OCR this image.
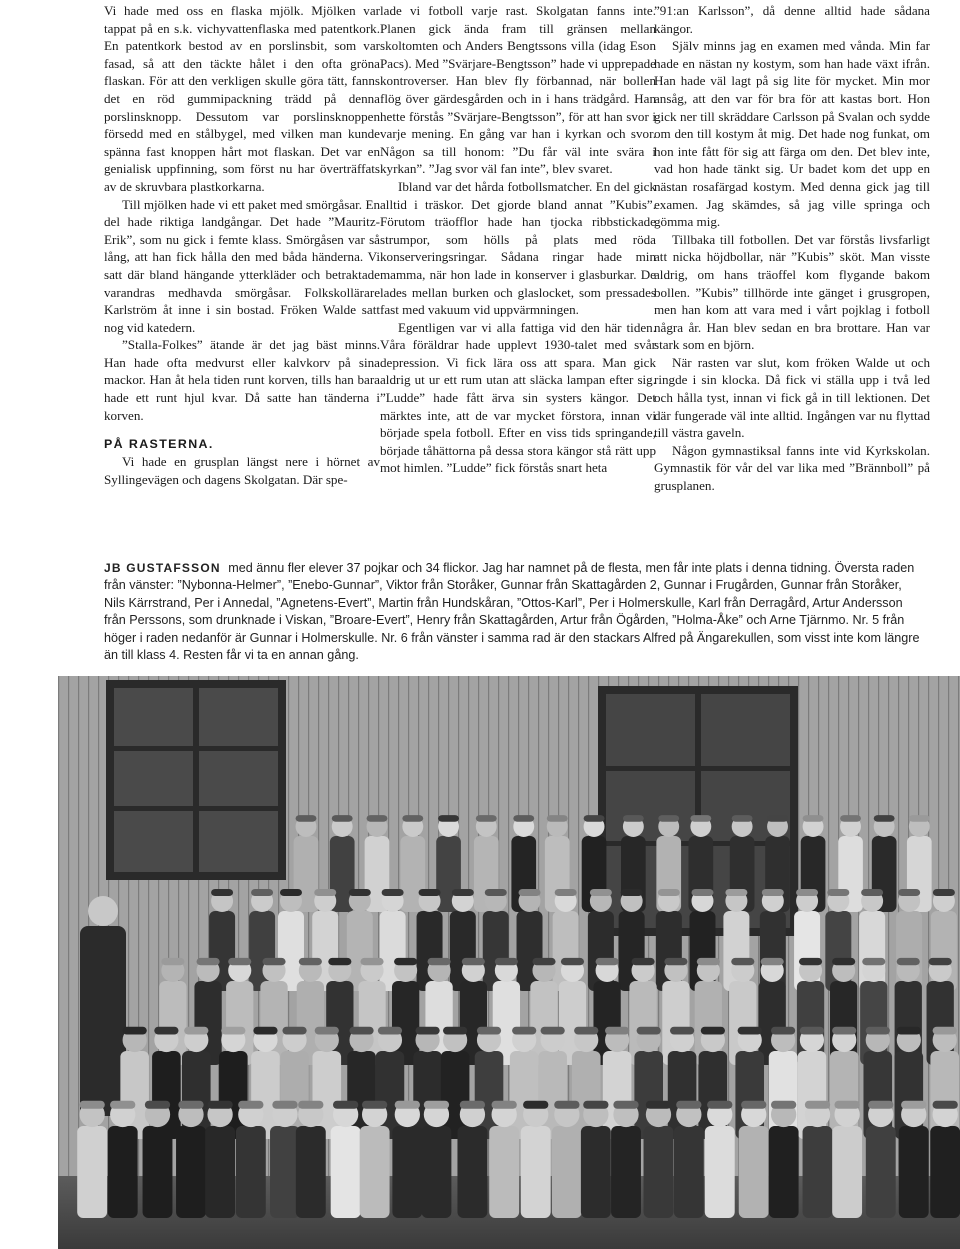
Vi hade med oss en flaska mjölk. Mjölken var tappat på en s.k. vichyvattenflaska med patentkork. En patentkork bestod av en porslinsbit, som var fasad, så att den täckte hålet i den ofta gröna flaskan. För att den verkligen skulle göra tätt, fanns det en röd gummipackning trädd på denna porslinsknopp. Dessutom var porslinsknoppen försedd med en stålbygel, med vilken man kunde spänna fast knoppen hårt mot flaskan. Det var en genialisk uppfinning, som först nu har överträffats av de skruvbara plastkorkarna.

Till mjölken hade vi ett paket med smörgåsar. En del hade riktiga landgångar. Det hade ”Mauritz-Erik”, som nu gick i femte klass. Smörgåsen var så lång, att han fick hålla den med båda händerna. Vi satt där bland hängande ytterkläder och betraktade varandras medhavda smörgåsar. Folkskollärare Karlström åt inne i sin bostad. Fröken Walde satt nog vid katedern.

”Stalla-Folkes” ätande är det jag bäst minns. Han hade ofta medvurst eller kalvkorv på sina mackor. Han åt hela tiden runt korven, tills han bara hade ett runt hjul kvar. Då satte han tänderna i korven.

PÅ RASTERNA.

Vi hade en grusplan längst nere i hörnet av Syllingevägen och dagens Skolgatan. Där spe-

lade vi fotboll varje rast. Skolgatan fanns inte. Planen gick ända fram till gränsen mellan skoltomten och Anders Bengtssons villa (idag Eson Pacs). Med ”Svärjare-Bengtsson” hade vi upprepade kontroverser. Han blev fly förbannad, när bollen flög över gärdesgården och in i hans trädgård. Han hette förstås ”Svärjare-Bengtsson”, för att han svor i varje mening. En gång var han i kyrkan och svor. Någon sa till honom: ”Du får väl inte svära i kyrkan”. ”Jag svor väl fan inte”, blev svaret.

Ibland var det hårda fotbollsmatcher. En del gick alltid i träskor. Det gjorde bland annat ”Kubis”. Förutom träofflor hade han tjocka ribbstickade strumpor, som hölls på plats med röda konserveringsringar. Sådana ringar hade min mamma, när hon lade in konserver i glasburkar. De lades mellan burken och glaslocket, som pressades fast med vakuum vid uppvärmningen.

Egentligen var vi alla fattiga vid den här tiden. Våra föräldrar hade upplevt 1930-talet med svår depression. Vi fick lära oss att spara. Man gick aldrig ut ur ett rum utan att släcka lampan efter sig. ”Ludde” hade fått ärva sin systers kängor. Det märktes inte, att de var mycket förstora, innan vi började spela fotboll. Efter en viss tids springande, började tåhättorna på dessa stora kängor stå rätt upp mot himlen. ”Ludde” fick förstås snart heta

”91:an Karlsson”, då denne alltid hade sådana kängor.

Själv minns jag en examen med vånda. Min far hade en nästan ny kostym, som han hade växt ifrån. Han hade väl lagt på sig lite för mycket. Min mor ansåg, att den var för bra för att kastas bort. Hon gick ner till skräddare Carlsson på Svalan och sydde om den till kostym åt mig. Det hade nog funkat, om hon inte fått för sig att färga om den. Det blev inte, vad hon hade tänkt sig. Ur badet kom det upp en nästan rosafärgad kostym. Med denna gick jag till examen. Jag skämdes, så jag ville springa och gömma mig.

Tillbaka till fotbollen. Det var förstås livsfarligt att nicka höjdbollar, när ”Kubis” sköt. Man visste aldrig, om hans träoffel kom flygande bakom bollen. ”Kubis” tillhörde inte gänget i grusgropen, men han kom att vara med i vårt pojklag i fotboll några år. Han blev sedan en bra brottare. Han var stark som en björn.

När rasten var slut, kom fröken Walde ut och ringde i sin klocka. Då fick vi ställa upp i två led och hålla tyst, innan vi fick gå in till lektionen. Det där fungerade väl inte alltid. Ingången var nu flyttad till västra gaveln.

Någon gymnastiksal fanns inte vid Kyrkskolan. Gymnastik för vår del var lika med ”Brännboll” på grusplanen.

JB GUSTAFSSON med ännu fler elever 37 pojkar och 34 flickor. Jag har namnet på de flesta, men får inte plats i denna tidning. Översta raden från vänster: ”Nybonna-Helmer”, ”Enebo-Gunnar”, Viktor från Storåker, Gunnar från Skattagården 2, Gunnar i Frugården, Gunnar från Storåker, Nils Kärrstrand, Per i Annedal, ”Agnetens-Evert”, Martin från Hundskåran, ”Ottos-Karl”, Per i Holmerskulle, Karl från Derragård, Artur Andersson från Perssons, som drunknade i Viskan, ”Broare-Evert”, Henry från Skattagården, Artur från Ögården, ”Holma-Åke” och Arne Tjärnmo. Nr. 5 från höger i raden nedanför är Gunnar i Holmerskulle. Nr. 6 från vänster i samma rad är den stackars Alfred på Ängarekullen, som visst inte kom längre än till klass 4. Resten får vi ta en annan gång.
